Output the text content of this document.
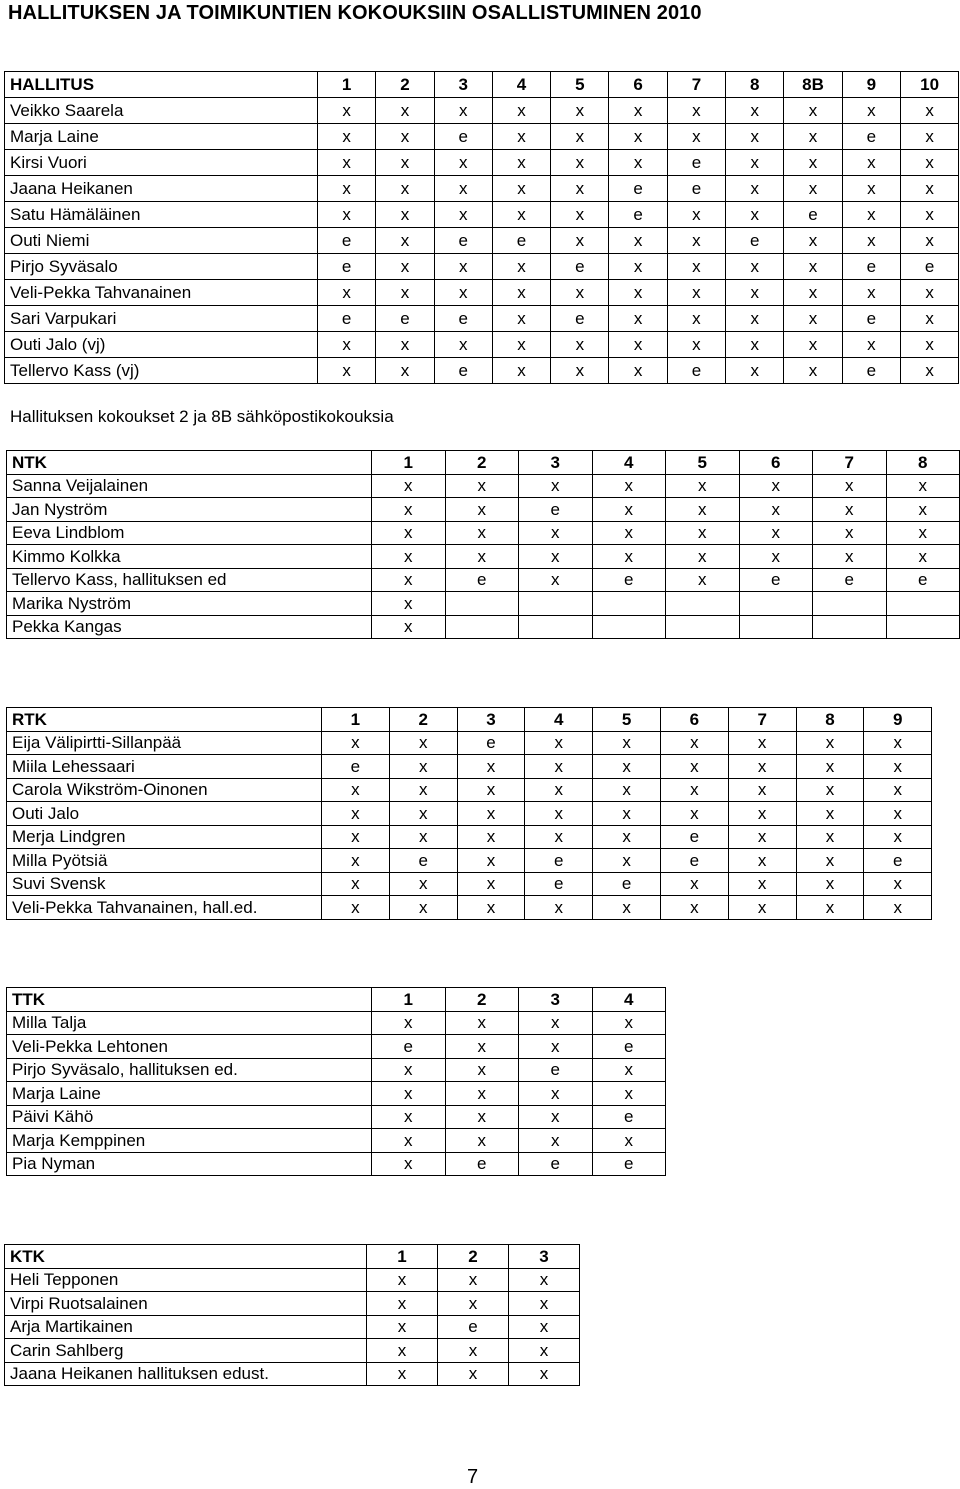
HALLITUKSEN JA TOIMIKUNTIEN KOKOUKSIIN OSALLISTUMINEN 2010
HALLITUS	1	2	3	4	5	6	7	8	8B	9	10
Veikko Saarela	x	x	x	x	x	x	x	x	x	x	x
Marja Laine	x	x	e	x	x	x	x	x	x	e	x
Kirsi Vuori	x	x	x	x	x	x	e	x	x	x	x
Jaana Heikanen	x	x	x	x	x	e	e	x	x	x	x
Satu Hämäläinen	x	x	x	x	x	e	x	x	e	x	x
Outi Niemi	e	x	e	e	x	x	x	e	x	x	x
Pirjo Syväsalo	e	x	x	x	e	x	x	x	x	e	e
Veli-Pekka Tahvanainen	x	x	x	x	x	x	x	x	x	x	x
Sari Varpukari	e	e	e	x	e	x	x	x	x	e	x
Outi Jalo (vj)	x	x	x	x	x	x	x	x	x	x	x
Tellervo Kass (vj)	x	x	e	x	x	x	e	x	x	e	x

Hallituksen kokoukset 2 ja 8B sähköpostikokouksia

NTK	1	2	3	4	5	6	7	8
Sanna Veijalainen	x	x	x	x	x	x	x	x
Jan Nyström	x	x	e	x	x	x	x	x
Eeva Lindblom	x	x	x	x	x	x	x	x
Kimmo Kolkka	x	x	x	x	x	x	x	x
Tellervo Kass, hallituksen ed	x	e	x	e	x	e	e	e
Marika Nyström	x							
Pekka Kangas	x							
RTK	1	2	3	4	5	6	7	8	9
Eija Välipirtti-Sillanpää	x	x	e	x	x	x	x	x	x
Miila Lehessaari	e	x	x	x	x	x	x	x	x
Carola Wikström-Oinonen	x	x	x	x	x	x	x	x	x
Outi Jalo	x	x	x	x	x	x	x	x	x
Merja Lindgren	x	x	x	x	x	e	x	x	x
Milla Pyötsiä	x	e	x	e	x	e	x	x	e
Suvi Svensk	x	x	x	e	e	x	x	x	x
Veli-Pekka Tahvanainen, hall.ed.	x	x	x	x	x	x	x	x	x
TTK	1	2	3	4
Milla Talja	x	x	x	x
Veli-Pekka Lehtonen	e	x	x	e
Pirjo Syväsalo, hallituksen ed.	x	x	e	x
Marja Laine	x	x	x	x
Päivi Kähö	x	x	x	e
Marja Kemppinen	x	x	x	x
Pia Nyman	x	e	e	e
KTK	1	2	3
Heli Tepponen	x	x	x
Virpi Ruotsalainen	x	x	x
Arja Martikainen	x	e	x
Carin Sahlberg	x	x	x
Jaana Heikanen hallituksen edust.	x	x	x
7
